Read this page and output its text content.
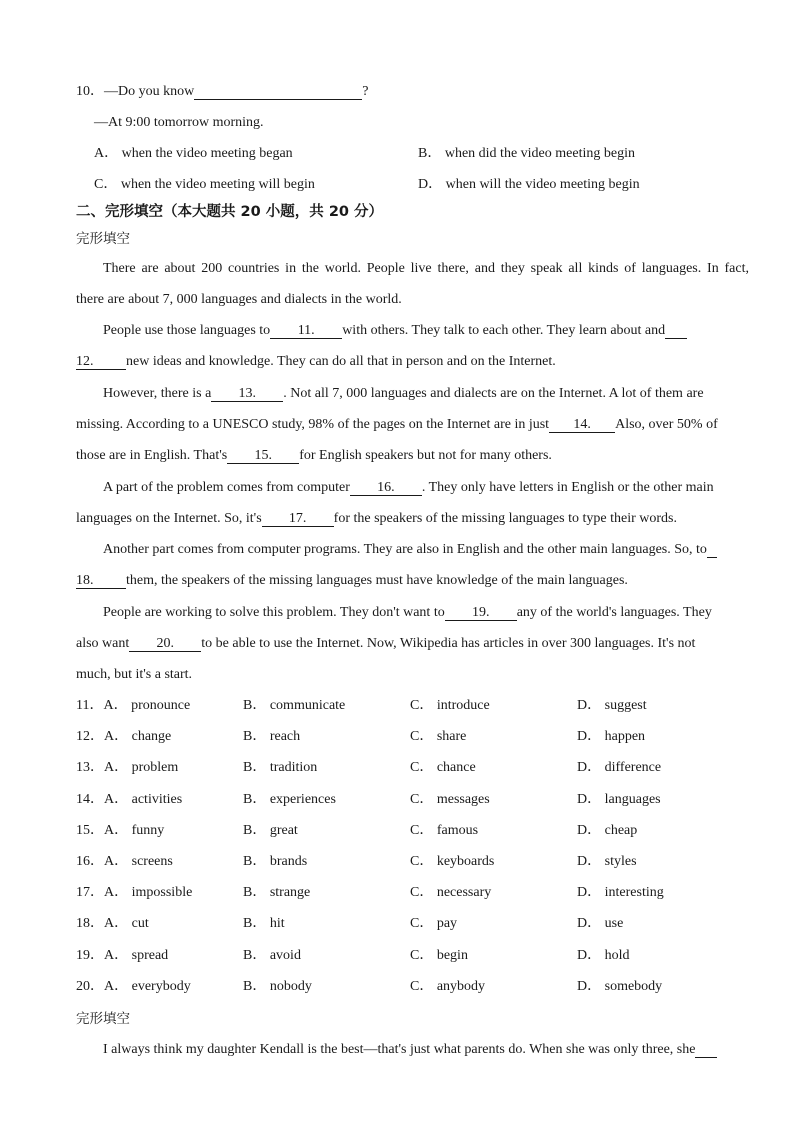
10．—Do you know	?
—At 9:00 tomorrow morning.
A． when the video meeting began	B． when did the video meeting begin
C． when the video meeting will begin	D． when will the video meeting begin
二、完形填空（本大题共 20 小题，共 20 分）
完形填空
There are about 200 countries in the world. People live there, and they speak all kinds of languages. In fact,
there are about 7, 000 languages and dialects in the world.
People use those languages to 11. with others. They talk to each other. They learn about and
12. new ideas and knowledge. They can do all that in person and on the Internet.
However, there is a 13. . Not all 7, 000 languages and dialects are on the Internet. A lot of them are
missing. According to a UNESCO study, 98% of the pages on the Internet are in just 14. Also, over 50% of
those are in English. That's 15. for English speakers but not for many others.
A part of the problem comes from computer 16. . They only have letters in English or the other main
languages on the Internet. So, it's 17. for the speakers of the missing languages to type their words.
Another part comes from computer programs. They are also in English and the other main languages. So, to
18. them, the speakers of the missing languages must have knowledge of the main languages.
People are working to solve this problem. They don't want to 19. any of the world's languages. They
also want 20. to be able to use the Internet. Now, Wikipedia has articles in over 300 languages. It's not
much, but it's a start.
11．A． pronounce	B． communicate	C． introduce	D． suggest
12．A． change	B． reach	C． share	D． happen
13．A． problem	B． tradition	C． chance	D． difference
14．A． activities	B． experiences	C． messages	D． languages
15．A． funny	B． great	C． famous	D． cheap
16．A． screens	B． brands	C． keyboards	D． styles
17．A． impossible	B． strange	C． necessary	D． interesting
18．A． cut	B． hit	C． pay	D． use
19．A． spread	B． avoid	C． begin	D． hold
20．A． everybody	B． nobody	C． anybody	D． somebody
完形填空
I always think my daughter Kendall is the best—that's just what parents do. When she was only three, she
